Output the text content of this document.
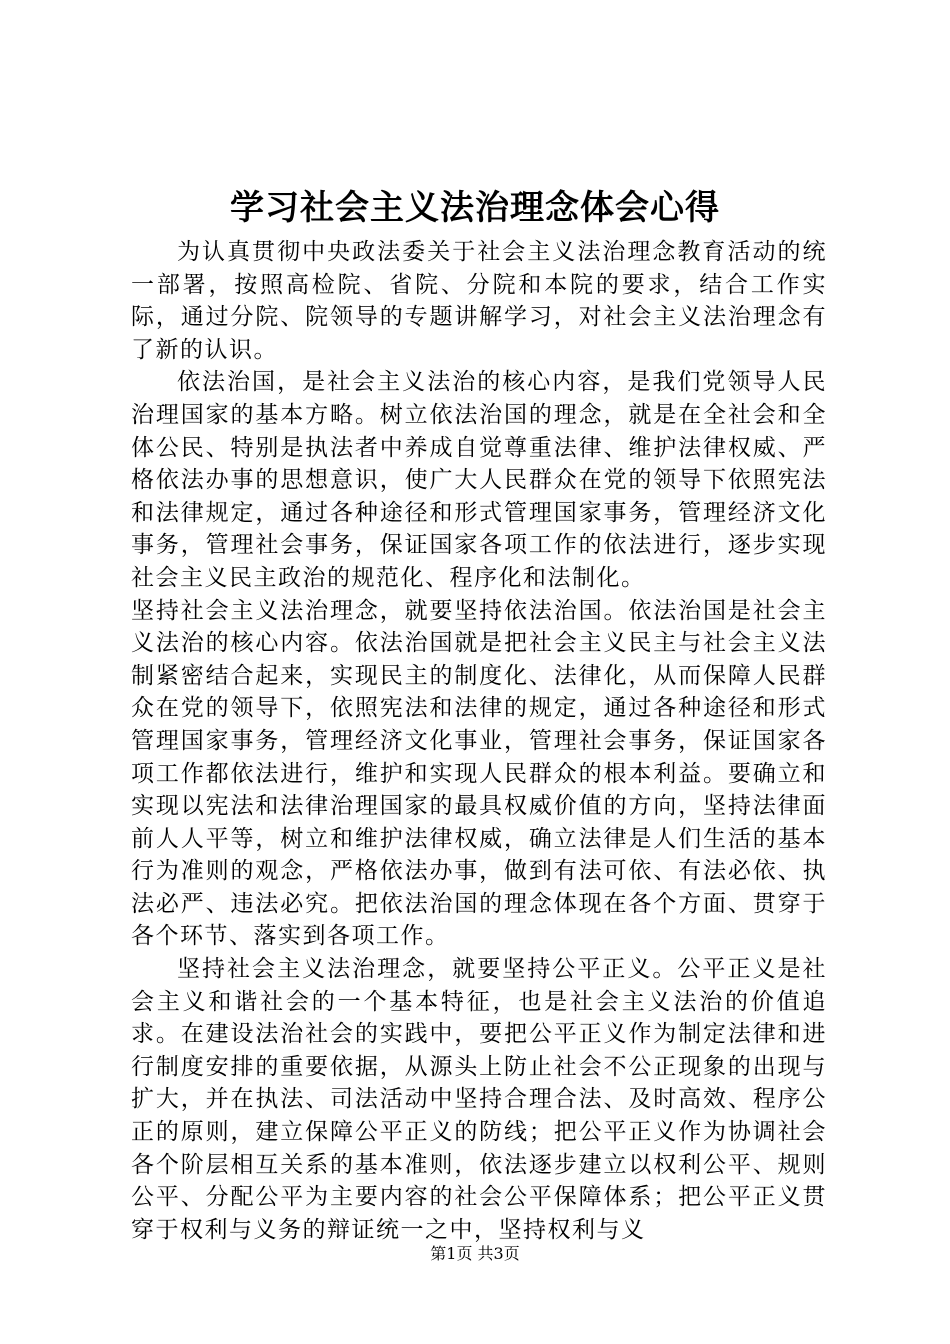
学习社会主义法治理念体会心得

为认真贯彻中央政法委关于社会主义法治理念教育活动的统一部署，按照高检院、省院、分院和本院的要求，结合工作实际，通过分院、院领导的专题讲解学习，对社会主义法治理念有了新的认识。

依法治国，是社会主义法治的核心内容，是我们党领导人民治理国家的基本方略。树立依法治国的理念，就是在全社会和全体公民、特别是执法者中养成自觉尊重法律、维护法律权威、严格依法办事的思想意识，使广大人民群众在党的领导下依照宪法和法律规定，通过各种途径和形式管理国家事务，管理经济文化事务，管理社会事务，保证国家各项工作的依法进行，逐步实现社会主义民主政治的规范化、程序化和法制化。

坚持社会主义法治理念，就要坚持依法治国。依法治国是社会主义法治的核心内容。依法治国就是把社会主义民主与社会主义法制紧密结合起来，实现民主的制度化、法律化，从而保障人民群众在党的领导下，依照宪法和法律的规定，通过各种途径和形式管理国家事务，管理经济文化事业，管理社会事务，保证国家各项工作都依法进行，维护和实现人民群众的根本利益。要确立和实现以宪法和法律治理国家的最具权威价值的方向，坚持法律面前人人平等，树立和维护法律权威，确立法律是人们生活的基本行为准则的观念，严格依法办事，做到有法可依、有法必依、执法必严、违法必究。把依法治国的理念体现在各个方面、贯穿于各个环节、落实到各项工作。

坚持社会主义法治理念，就要坚持公平正义。公平正义是社会主义和谐社会的一个基本特征，也是社会主义法治的价值追求。在建设法治社会的实践中，要把公平正义作为制定法律和进行制度安排的重要依据，从源头上防止社会不公正现象的出现与扩大，并在执法、司法活动中坚持合理合法、及时高效、程序公正的原则，建立保障公平正义的防线；把公平正义作为协调社会各个阶层相互关系的基本准则，依法逐步建立以权利公平、规则公平、分配公平为主要内容的社会公平保障体系；把公平正义贯穿于权利与义务的辩证统一之中，坚持权利与义

第1页 共3页
